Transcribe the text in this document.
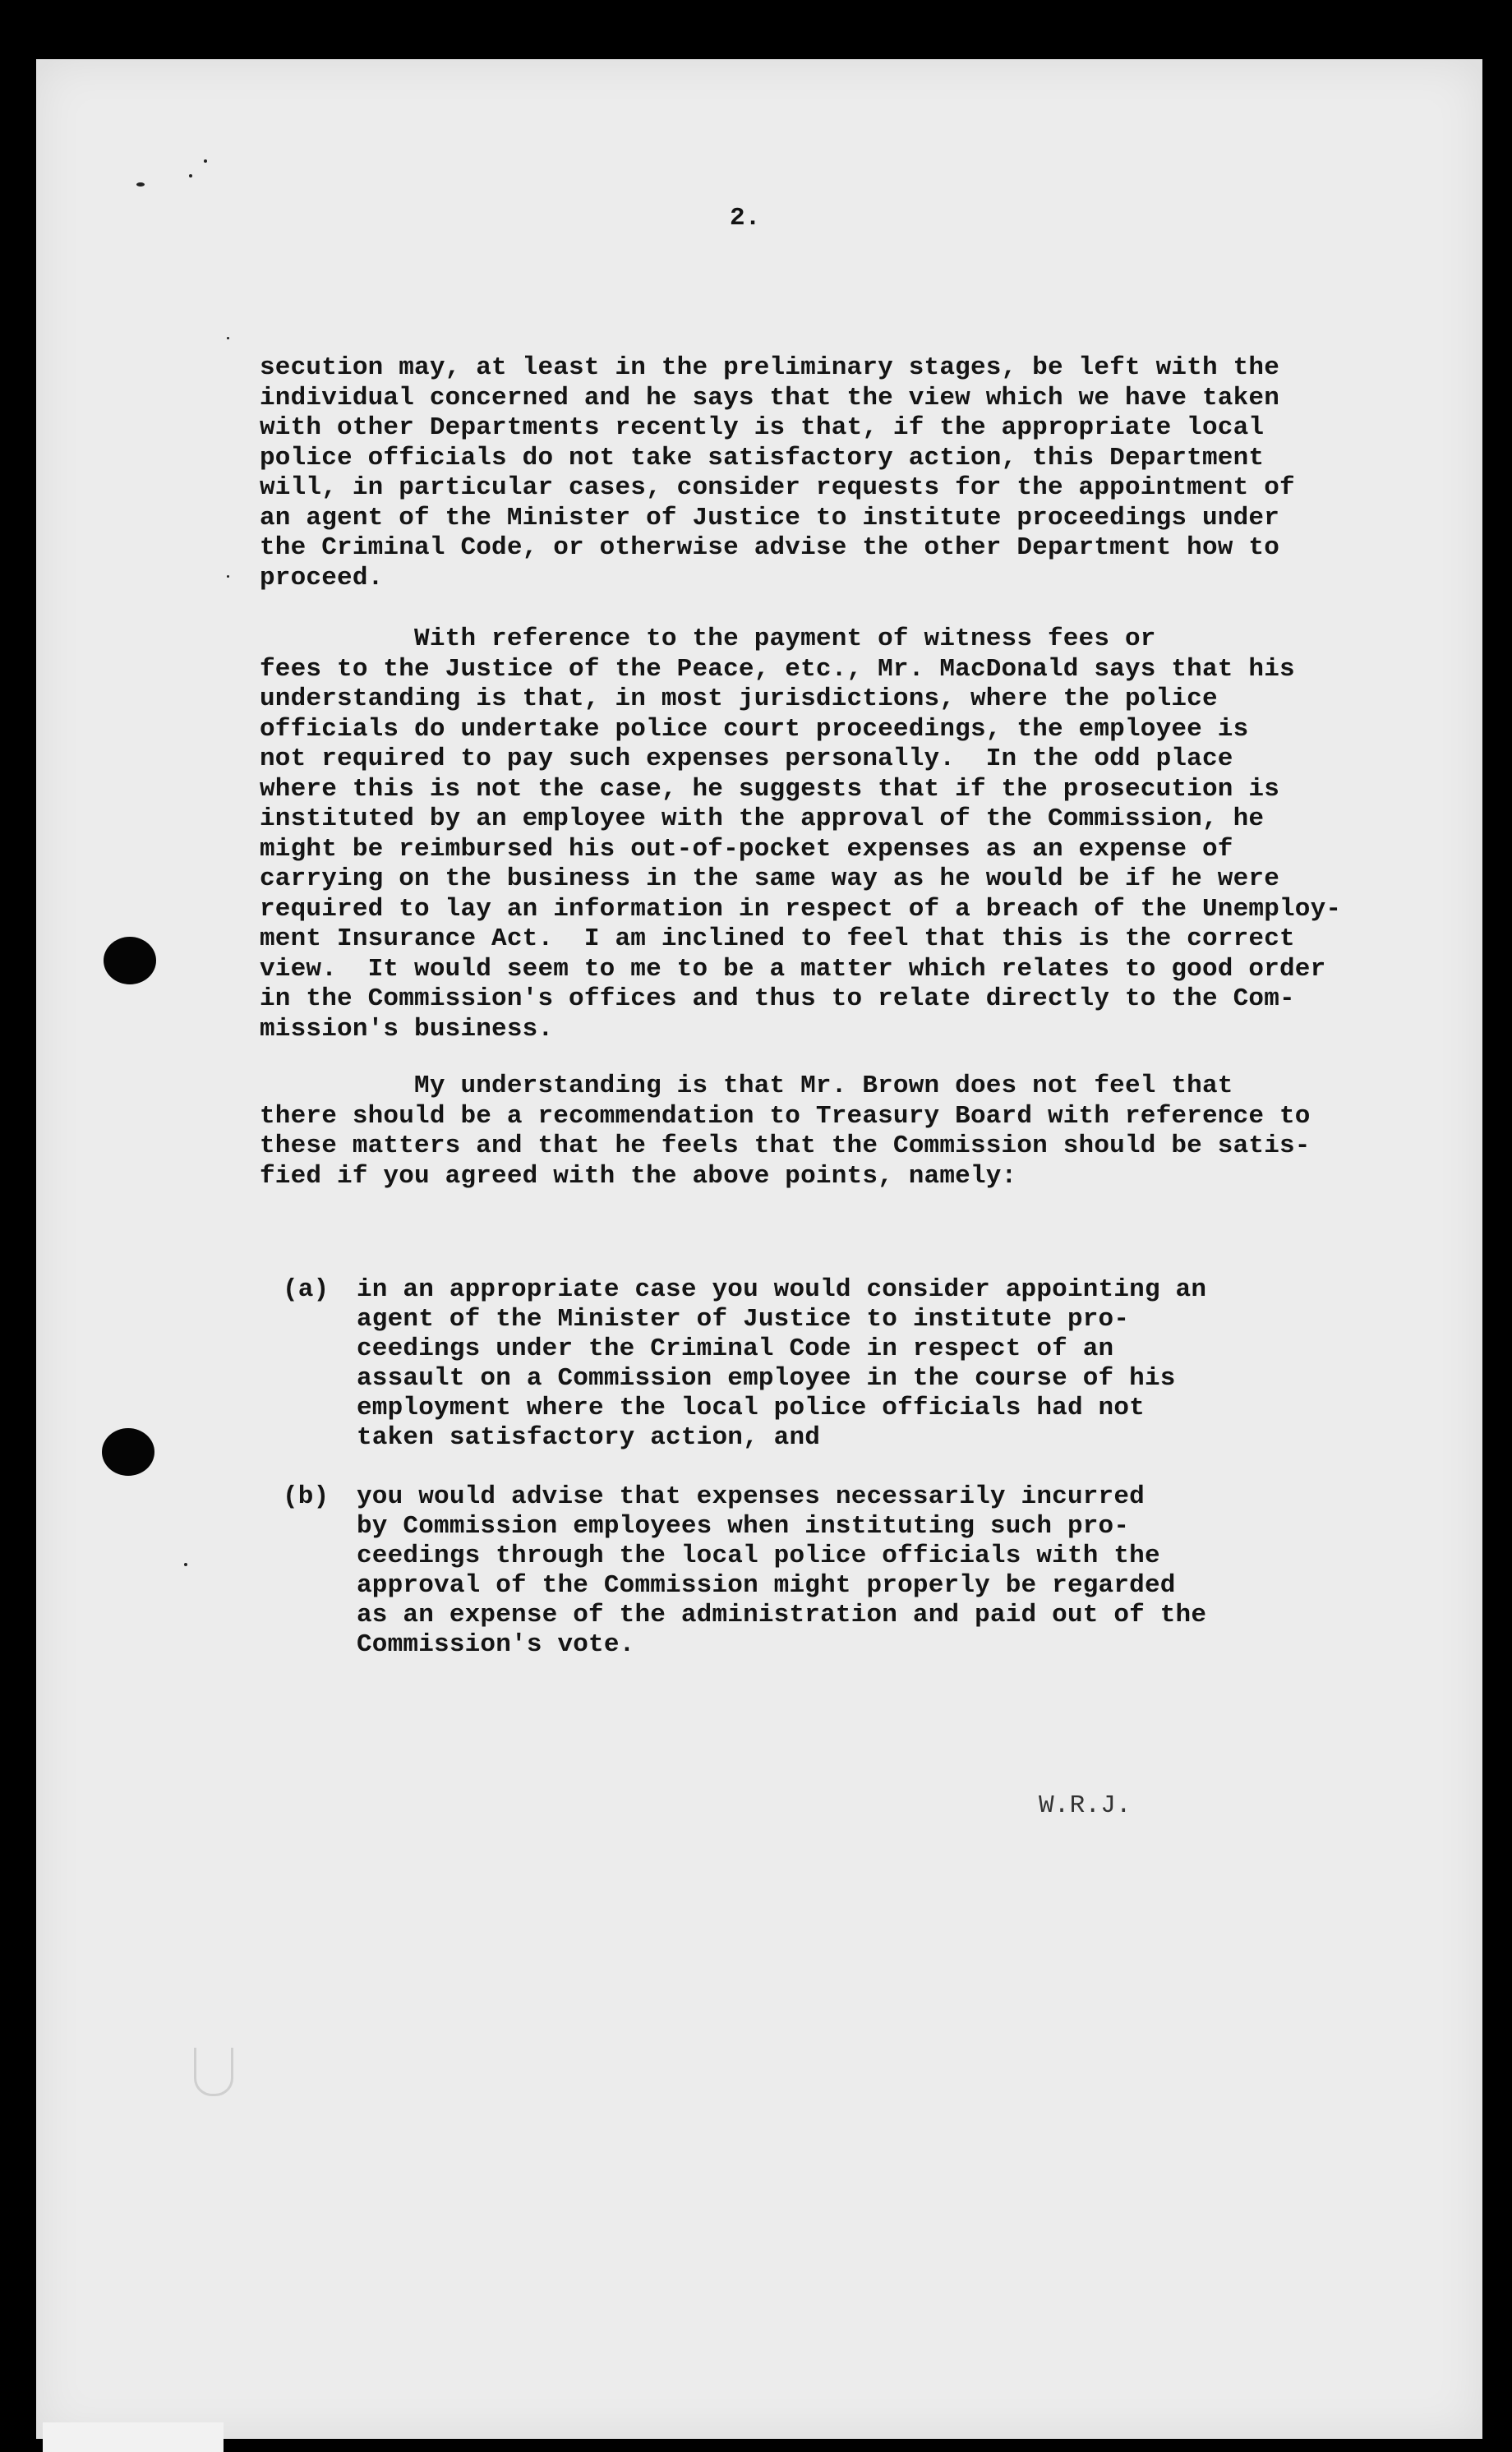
2.

secution may, at least in the preliminary stages, be left with the
individual concerned and he says that the view which we have taken
with other Departments recently is that, if the appropriate local
police officials do not take satisfactory action, this Department
will, in particular cases, consider requests for the appointment of
an agent of the Minister of Justice to institute proceedings under
the Criminal Code, or otherwise advise the other Department how to
proceed.

With reference to the payment of witness fees or
fees to the Justice of the Peace, etc., Mr. MacDonald says that his
understanding is that, in most jurisdictions, where the police
officials do undertake police court proceedings, the employee is
not required to pay such expenses personally.  In the odd place
where this is not the case, he suggests that if the prosecution is
instituted by an employee with the approval of the Commission, he
might be reimbursed his out-of-pocket expenses as an expense of
carrying on the business in the same way as he would be if he were
required to lay an information in respect of a breach of the Unemploy-
ment Insurance Act.  I am inclined to feel that this is the correct
view.  It would seem to me to be a matter which relates to good order
in the Commission's offices and thus to relate directly to the Com-
mission's business.

My understanding is that Mr. Brown does not feel that
there should be a recommendation to Treasury Board with reference to
these matters and that he feels that the Commission should be satis-
fied if you agreed with the above points, namely:

(a) in an appropriate case you would consider appointing an
agent of the Minister of Justice to institute pro-
ceedings under the Criminal Code in respect of an
assault on a Commission employee in the course of his
employment where the local police officials had not
taken satisfactory action, and

(b) you would advise that expenses necessarily incurred
by Commission employees when instituting such pro-
ceedings through the local police officials with the
approval of the Commission might properly be regarded
as an expense of the administration and paid out of the
Commission's vote.

W.R.J.
